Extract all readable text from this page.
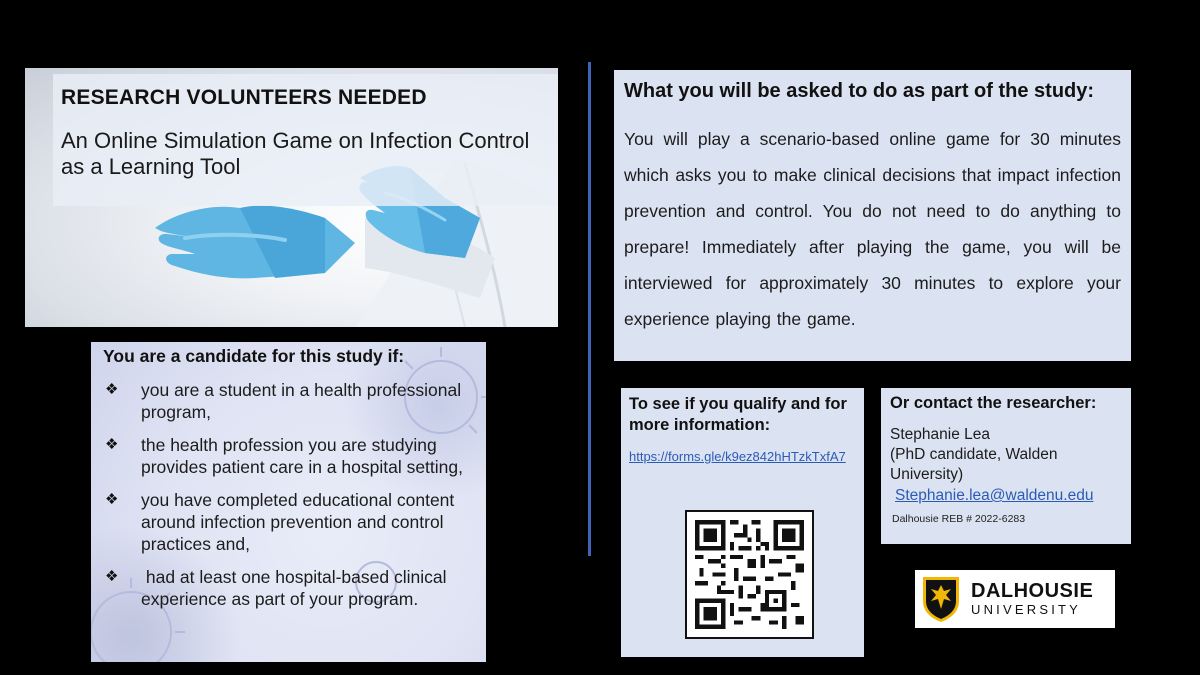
RESEARCH VOLUNTEERS NEEDED
An Online Simulation Game on Infection Control as a Learning Tool
You are a candidate for this study if:
❖ you are a student in a health professional program,
❖ the health profession you are studying provides patient care in a hospital setting,
❖ you have completed educational content around infection prevention and control practices and,
❖ had at least one hospital-based clinical experience as part of your program.
What you will be asked to do as part of the study:
You will play a scenario-based online game for 30 minutes which asks you to make clinical decisions that impact infection prevention and control. You do not need to do anything to prepare! Immediately after playing the game, you will be interviewed for approximately 30 minutes to explore your experience playing the game.
To see if you qualify and for more information:
https://forms.gle/k9ez842hHTzkTxfA7
Or contact the researcher:
Stephanie Lea
(PhD candidate, Walden University)
Stephanie.lea@waldenu.edu
Dalhousie REB # 2022-6283
DALHOUSIE
UNIVERSITY
